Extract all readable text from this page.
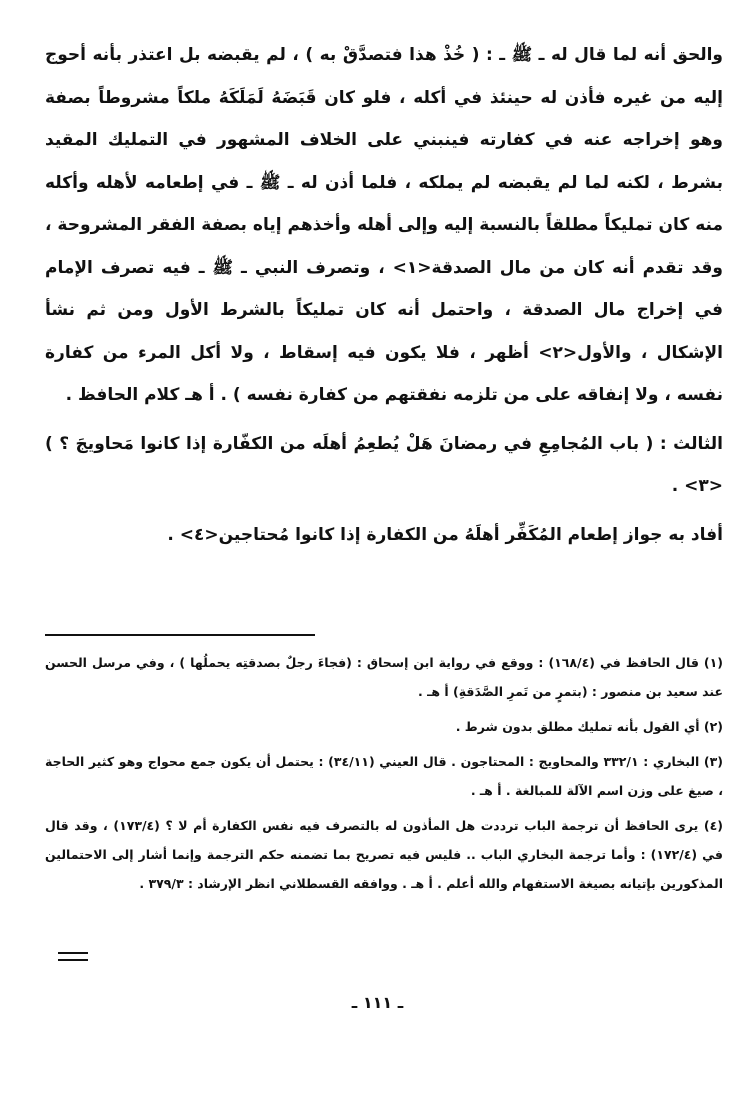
والحق أنه لما قال له ـ ﷺ ـ : ( خُذْ هذا فتصدَّقْ به ) ، لم يقبضه بل اعتذر بأنه أحوج إليه من غيره فأذن له حينئذ في أكله ، فلو كان قَبَضَهُ لَمَلَكَهُ ملكاً مشروطاً بصفة وهو إخراجه عنه في كفارته فينبني على الخلاف المشهور في التمليك المقيد بشرط ، لكنه لما لم يقبضه لم يملكه ، فلما أذن له ـ ﷺ ـ في إطعامه لأهله وأكله منه كان تمليكاً مطلقاً بالنسبة إليه وإلى أهله وأخذهم إياه بصفة الفقر المشروحة ، وقد تقدم أنه كان من مال الصدقة<١> ، وتصرف النبي ـ ﷺ ـ فيه تصرف الإمام في إخراج مال الصدقة ، واحتمل أنه كان تمليكاً بالشرط الأول ومن ثم نشأ الإشكال ، والأول<٢> أظهر ، فلا يكون فيه إسقاط ، ولا أكل المرء من كفارة نفسه ، ولا إنفاقه على من تلزمه نفقتهم من كفارة نفسه ) . أ هـ كلام الحافظ .

الثالث : ( باب المُجامِعِ في رمضانَ هَلْ يُطعِمُ أهلَه من الكفّارة إذا كانوا مَحاويجَ ؟ )<٣> .

أفاد به جواز إطعام المُكَفِّر أهلَهُ من الكفارة إذا كانوا مُحتاجين<٤> .

(١) قال الحافظ في (١٦٨/٤) : ووقع في رواية ابن إسحاق : (فجاءَ رجلٌ بصدقتِه يحملُها ) ، وفي مرسل الحسن عند سعيد بن منصور : (بتمرٍ من تَمرِ الصَّدَقةِ) أ هـ .

(٢) أي القول بأنه تمليك مطلق بدون شرط .

(٣) البخاري : ٣٣٢/١ والمحاويج : المحتاجون . قال العيني (٣٤/١١) : يحتمل أن يكون جمع محواج وهو كثير الحاجة ، صيغ على وزن اسم الآلة للمبالغة . أ هـ .

(٤) يرى الحافظ أن ترجمة الباب ترددت هل المأذون له بالتصرف فيه نفس الكفارة أم لا ؟ (١٧٣/٤) ، وقد قال في (١٧٢/٤) : وأما ترجمة البخاري الباب .. فليس فيه تصريح بما تضمنه حكم الترجمة وإنما أشار إلى الاحتمالين المذكورين بإتيانه بصيغة الاستفهام والله أعلم . أ هـ . ووافقه القسطلاني انظر الإرشاد : ٣٧٩/٣ .

ـ ١١١ ـ
